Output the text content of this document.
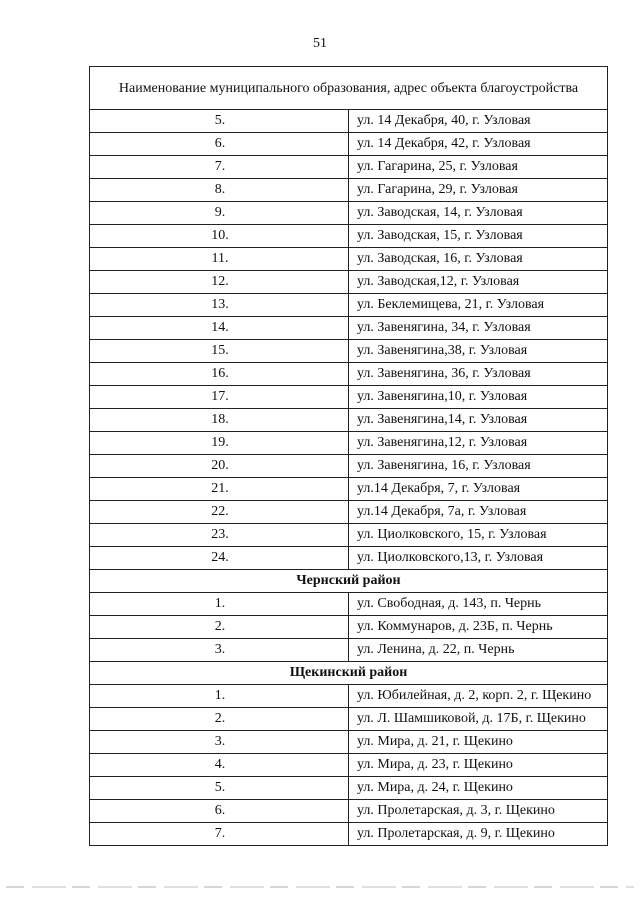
51
Наименование муниципального образования, адрес объекта благоустройства	
5.	ул. 14 Декабря, 40, г. Узловая
6.	ул. 14 Декабря, 42, г. Узловая
7.	ул. Гагарина, 25, г. Узловая
8.	ул. Гагарина, 29, г. Узловая
9.	ул. Заводская, 14, г. Узловая
10.	ул. Заводская, 15, г. Узловая
11.	ул. Заводская, 16, г. Узловая
12.	ул. Заводская,12, г. Узловая
13.	ул. Беклемищева, 21, г. Узловая
14.	ул. Завенягина, 34, г. Узловая
15.	ул. Завенягина,38, г. Узловая
16.	ул. Завенягина, 36, г. Узловая
17.	ул. Завенягина,10, г. Узловая
18.	ул. Завенягина,14, г. Узловая
19.	ул. Завенягина,12, г. Узловая
20.	ул. Завенягина, 16, г. Узловая
21.	ул.14 Декабря, 7, г. Узловая
22.	ул.14 Декабря, 7а, г. Узловая
23.	ул. Циолковского, 15, г. Узловая
24.	ул. Циолковского,13, г. Узловая
Чернский район	
1.	ул. Свободная, д. 143, п. Чернь
2.	ул. Коммунаров, д. 23Б, п. Чернь
3.	ул. Ленина, д. 22, п. Чернь
Щекинский район	
1.	ул. Юбилейная, д. 2, корп. 2, г. Щекино
2.	ул. Л. Шамшиковой, д. 17Б, г. Щекино
3.	ул. Мира, д. 21, г. Щекино
4.	ул. Мира, д. 23, г. Щекино
5.	ул. Мира, д. 24, г. Щекино
6.	ул. Пролетарская, д. 3, г. Щекино
7.	ул. Пролетарская, д. 9, г. Щекино
